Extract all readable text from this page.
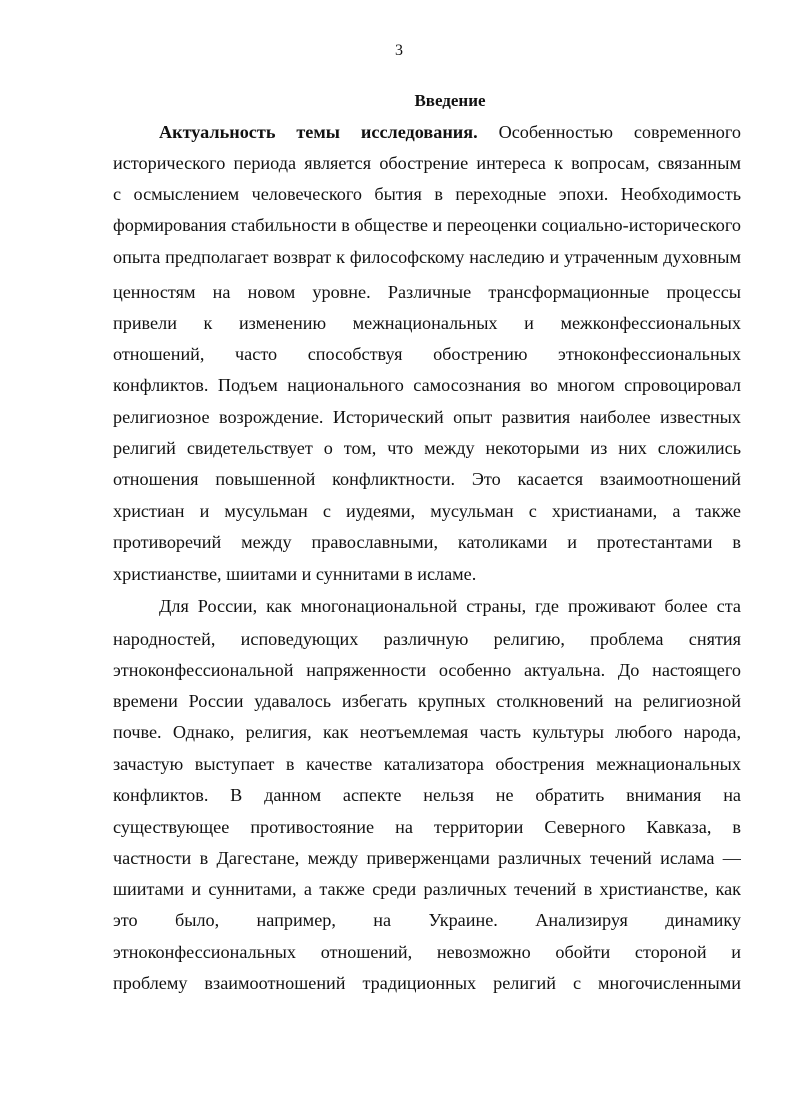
3
Введение
Актуальность темы исследования. Особенностью современного
исторического периода является обострение интереса к вопросам, связанным
с осмыслением человеческого бытия в переходные эпохи. Необходимость
формирования стабильности в обществе и переоценки социально-исторического
опыта предполагает возврат к философскому наследию и утраченным духовным
ценностям на новом уровне. Различные трансформационные процессы
привели к изменению межнациональных и межконфессиональных
отношений, часто способствуя обострению этноконфессиональных
конфликтов. Подъем национального самосознания во многом спровоцировал
религиозное возрождение. Исторический опыт развития наиболее известных
религий свидетельствует о том, что между некоторыми из них сложились
отношения повышенной конфликтности. Это касается взаимоотношений
христиан и мусульман с иудеями, мусульман с христианами, а также
противоречий между православными, католиками и протестантами в
христианстве, шиитами и суннитами в исламе.
Для России, как многонациональной страны, где проживают более ста
народностей, исповедующих различную религию, проблема снятия
этноконфессиональной напряженности особенно актуальна. До настоящего
времени России удавалось избегать крупных столкновений на религиозной
почве. Однако, религия, как неотъемлемая часть культуры любого народа,
зачастую выступает в качестве катализатора обострения межнациональных
конфликтов. В данном аспекте нельзя не обратить внимания на
существующее противостояние на территории Северного Кавказа, в
частности в Дагестане, между приверженцами различных течений ислама —
шиитами и суннитами, а также среди различных течений в христианстве, как
это было, например, на Украине. Анализируя динамику
этноконфессиональных отношений, невозможно обойти стороной и
проблему взаимоотношений традиционных религий с многочисленными
